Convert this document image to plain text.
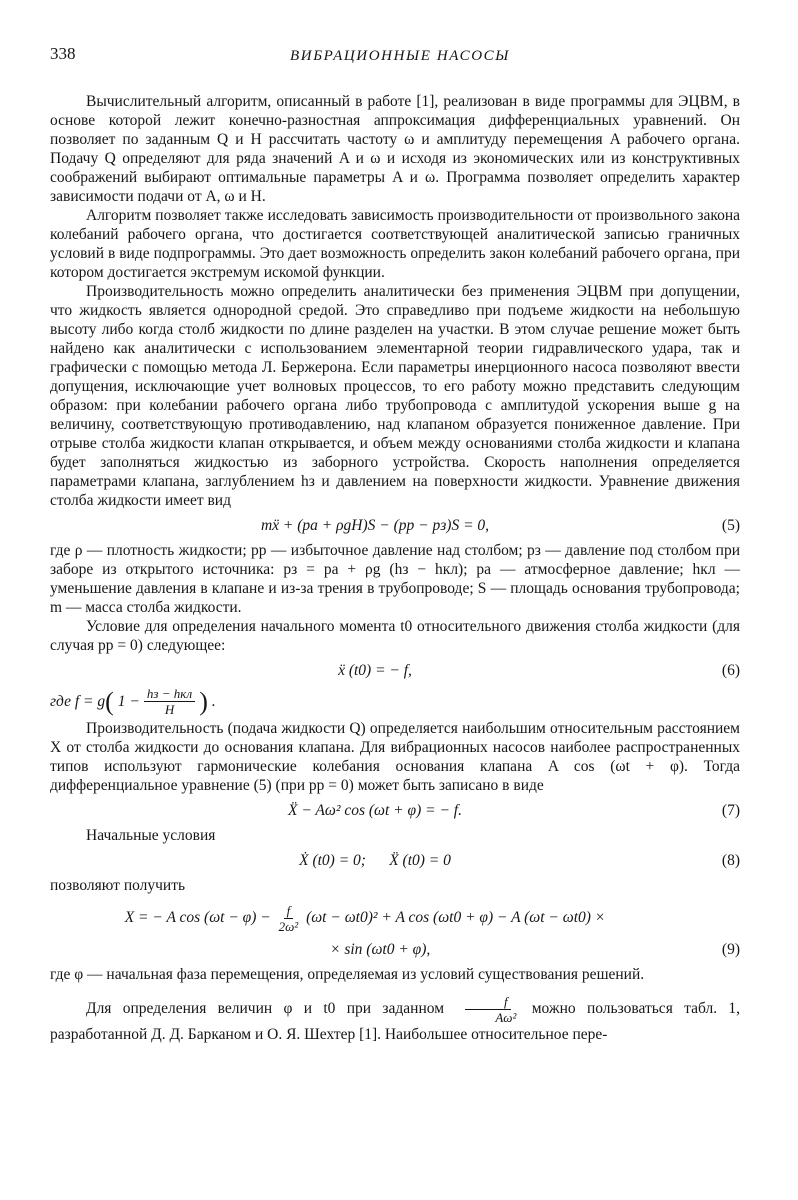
338	ВИБРАЦИОННЫЕ НАСОСЫ

Вычислительный алгоритм, описанный в работе [1], реализован в виде программы для ЭЦВМ, в основе которой лежит конечно-разностная аппроксимация дифференциальных уравнений. Он позволяет по заданным Q и H рассчитать частоту ω и амплитуду перемещения A рабочего органа. Подачу Q определяют для ряда значений A и ω и исходя из экономических или из конструктивных соображений выбирают оптимальные параметры A и ω. Программа позволяет определить характер зависимости подачи от A, ω и H.

Алгоритм позволяет также исследовать зависимость производительности от произвольного закона колебаний рабочего органа, что достигается соответствующей аналитической записью граничных условий в виде подпрограммы. Это дает возможность определить закон колебаний рабочего органа, при котором достигается экстремум искомой функции.

Производительность можно определить аналитически без применения ЭЦВМ при допущении, что жидкость является однородной средой. Это справедливо при подъеме жидкости на небольшую высоту либо когда столб жидкости по длине разделен на участки. В этом случае решение может быть найдено как аналитически с использованием элементарной теории гидравлического удара, так и графически с помощью метода Л. Бержерона. Если параметры инерционного насоса позволяют ввести допущения, исключающие учет волновых процессов, то его работу можно представить следующим образом: при колебании рабочего органа либо трубопровода с амплитудой ускорения выше g на величину, соответствующую противодавлению, над клапаном образуется пониженное давление. При отрыве столба жидкости клапан открывается, и объем между основаниями столба жидкости и клапана будет заполняться жидкостью из заборного устройства. Скорость наполнения определяется параметрами клапана, заглублением hз и давлением на поверхности жидкости. Уравнение движения столба жидкости имеет вид

mẍ + (pа + ρgH)S − (pр − pз)S = 0,	(5)

где ρ — плотность жидкости; pр — избыточное давление над столбом; pз — давление под столбом при заборе из открытого источника: pз = pа + ρg (hз − hкл); pа — атмосферное давление; hкл — уменьшение давления в клапане и из-за трения в трубопроводе; S — площадь основания трубопровода; m — масса столба жидкости.

Условие для определения начального момента t0 относительного движения столба жидкости (для случая pр = 0) следующее:

ẍ (t0) = − f,	(6)
где f = g ( $1 - \frac{\text{hз − hкл}}{H}$ ) .

Производительность (подача жидкости Q) определяется наибольшим относительным расстоянием X от столба жидкости до основания клапана. Для вибрационных насосов наиболее распространенных типов используют гармонические колебания основания клапана A cos (ωt + φ). Тогда дифференциальное уравнение (5) (при pр = 0) может быть записано в виде

Ẍ − Aω² cos (ωt + φ) = − f.	(7)

Начальные условия

Ẋ (t0) = 0;      Ẍ (t0) = 0	(8)

позволяют получить

X = − A $\cos (\omega t - \varphi) - \frac{f}{\text{2ω²}} (\omega t - \omega t0)^2 + A$ cos (ωt0 + φ) − A (ωt − ωt0) ×
× sin (ωt0 + φ),	(9)

где φ — начальная фаза перемещения, определяемая из условий существования решений.

Для определения величин φ и t0 при заданном $\frac{f}{\text{Aω²}}$ можно пользоваться табл. 1, разработанной Д. Д. Барканом и О. Я. Шехтер [1]. Наибольшее относительное пере-
